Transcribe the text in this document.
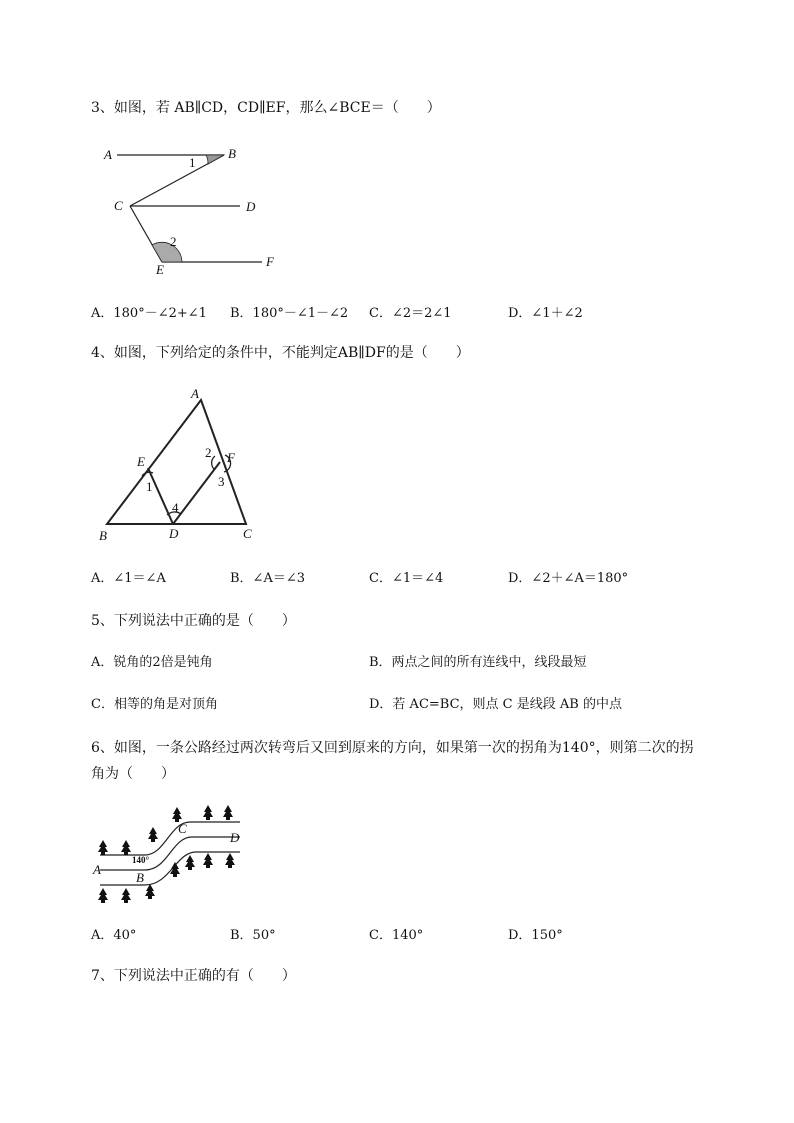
3、如图，若 AB∥CD，CD∥EF，那么∠BCE＝（　　）
A	B
C	D
E
F
1
2
A．180°－∠2+∠1 B．180°－∠1－∠2 C．∠2＝2∠1	D．∠1＋∠2
4、如图，下列给定的条件中，不能判定AB∥DF的是（　　）
A
B	C
D
E	F
1
2
3
4
A．∠1＝∠A	B．∠A＝∠3	C．∠1＝∠4	D．∠2＋∠A＝180°
5、下列说法中正确的是（　　）
A．锐角的2倍是钝角	B．两点之间的所有连线中，线段最短
C．相等的角是对顶角	D．若 AC=BC，则点 C 是线段 AB 的中点
6、如图，一条公路经过两次转弯后又回到原来的方向，如果第一次的拐角为140°，则第二次的拐
角为（　　）
A
B
C
D
140°
A．40°	B．50°	C．140°	D．150°
7、下列说法中正确的有（　　）
